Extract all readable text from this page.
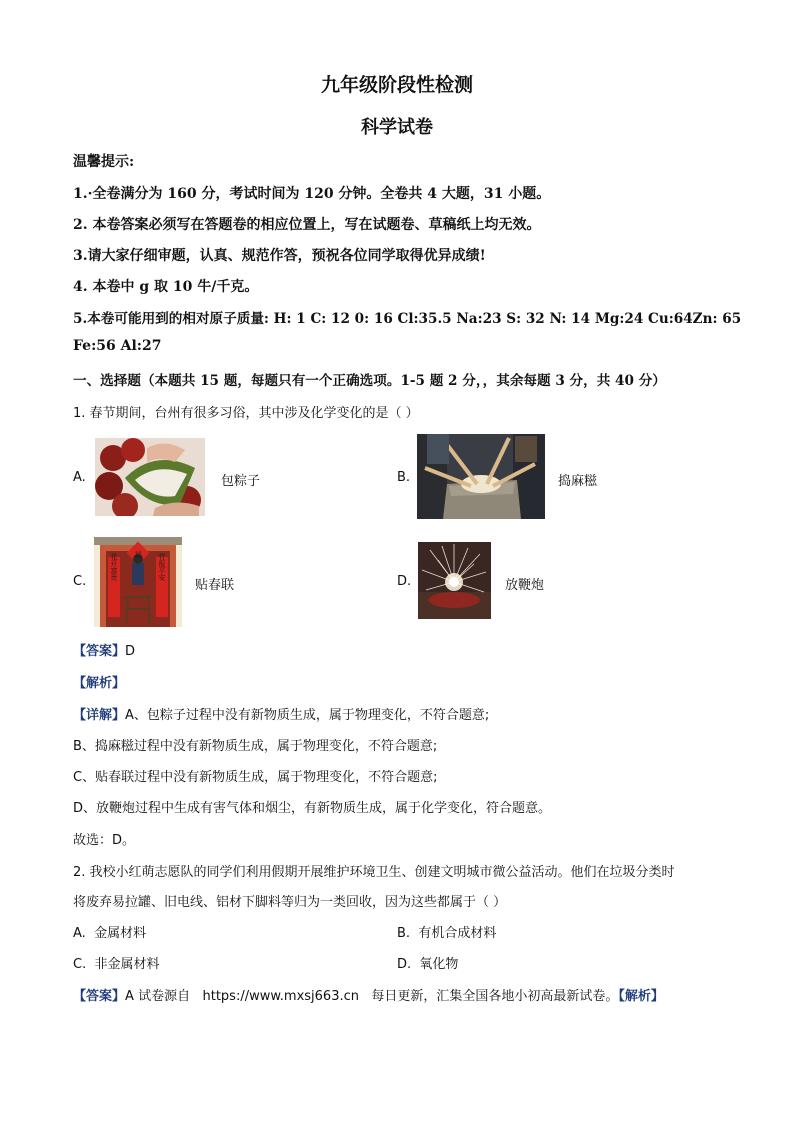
九年级阶段性检测
科学试卷
温馨提示:
1.·全卷满分为 160 分，考试时间为 120 分钟。全卷共 4 大题，31 小题。
2. 本卷答案必须写在答题卷的相应位置上，写在试题卷、草稿纸上均无效。
3.请大家仔细审题，认真、规范作答，预祝各位同学取得优异成绩!
4. 本卷中 g 取 10 牛/千克。
5.本卷可能用到的相对原子质量: H: 1 C: 12 0: 16 Cl:35.5 Na:23 S: 32 N: 14 Mg:24 Cu:64Zn: 65
Fe:56 Al:27
一、选择题（本题共 15 题，每题只有一个正确选项。1-5 题 2 分，，其余每题 3 分，共 40 分）
1. 春节期间，台州有很多习俗，其中涉及化学变化的是（ ）
A.	包粽子	B.	捣麻糍
C.
福
花开富贵	竹报平安
贴春联	D.	放鞭炮
【答案】D
【解析】
【详解】A、包粽子过程中没有新物质生成，属于物理变化，不符合题意;
B、捣麻糍过程中没有新物质生成，属于物理变化，不符合题意;
C、贴春联过程中没有新物质生成，属于物理变化，不符合题意;
D、放鞭炮过程中生成有害气体和烟尘，有新物质生成，属于化学变化，符合题意。
故选：D。
2. 我校小红萌志愿队的同学们利用假期开展维护环境卫生、创建文明城市微公益活动。他们在垃圾分类时
将废弃易拉罐、旧电线、铝材下脚料等归为一类回收，因为这些都属于（ ）
A. 金属材料	B. 有机合成材料
C. 非金属材料	D. 氧化物
【答案】A 试卷源自 https://www.mxsj663.cn 每日更新，汇集全国各地小初高最新试卷。【解析】
